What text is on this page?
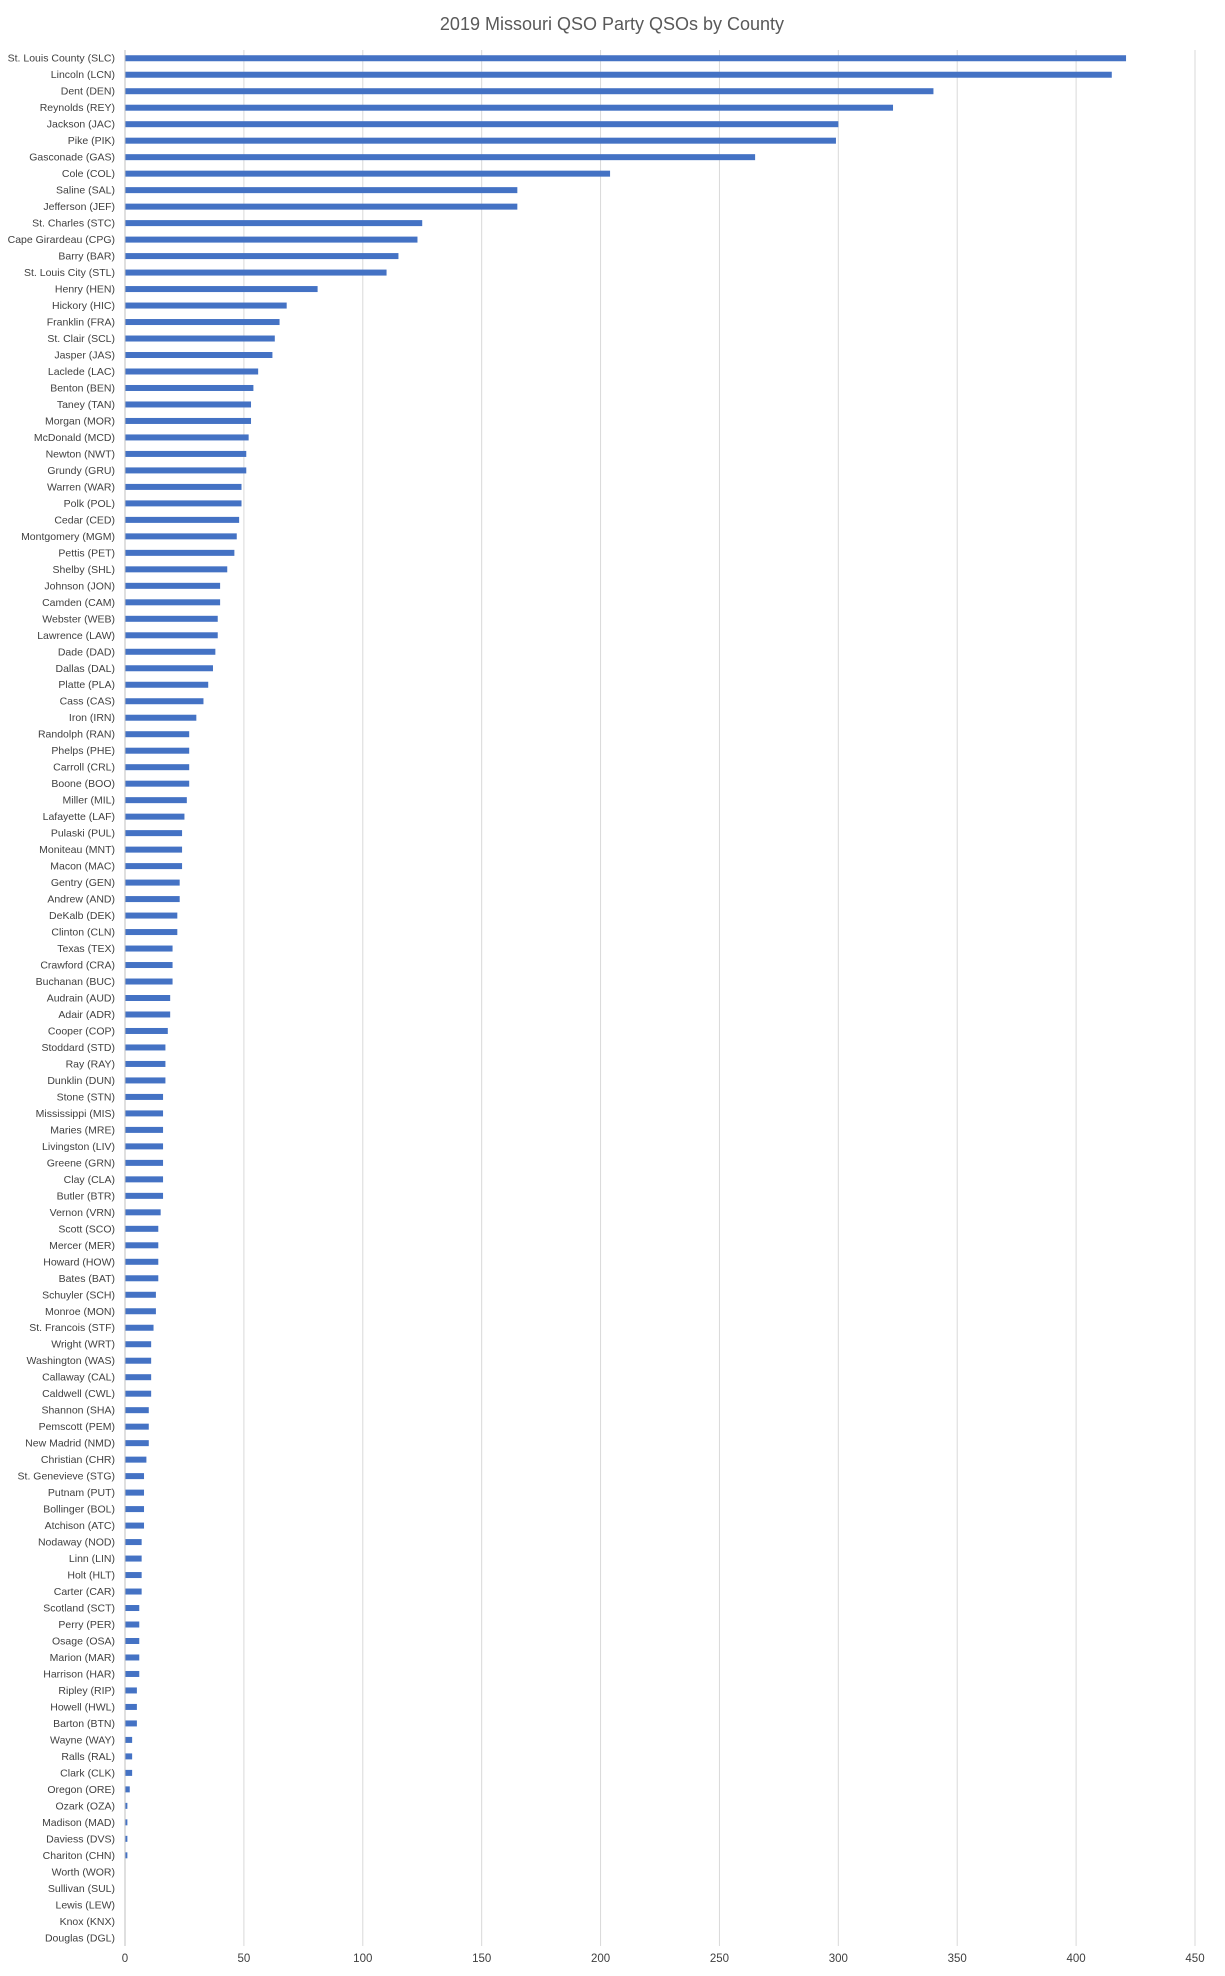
2019 Missouri QSO Party QSOs by County
St. Louis County (SLC)
Lincoln (LCN)
Dent (DEN)
Reynolds (REY)
Jackson (JAC)
Pike (PIK)
Gasconade (GAS)
Cole (COL)
Saline (SAL)
Jefferson (JEF)
St. Charles (STC)
Cape Girardeau (CPG)
Barry (BAR)
St. Louis City (STL)
Henry (HEN)
Hickory (HIC)
Franklin (FRA)
St. Clair (SCL)
Jasper (JAS)
Laclede (LAC)
Benton (BEN)
Taney (TAN)
Morgan (MOR)
McDonald (MCD)
Newton (NWT)
Grundy (GRU)
Warren (WAR)
Polk (POL)
Cedar (CED)
Montgomery (MGM)
Pettis (PET)
Shelby (SHL)
Johnson (JON)
Camden (CAM)
Webster (WEB)
Lawrence (LAW)
Dade (DAD)
Dallas (DAL)
Platte (PLA)
Cass (CAS)
Iron (IRN)
Randolph (RAN)
Phelps (PHE)
Carroll (CRL)
Boone (BOO)
Miller (MIL)
Lafayette (LAF)
Pulaski (PUL)
Moniteau (MNT)
Macon (MAC)
Gentry (GEN)
Andrew (AND)
DeKalb (DEK)
Clinton (CLN)
Texas (TEX)
Crawford (CRA)
Buchanan (BUC)
Audrain (AUD)
Adair (ADR)
Cooper (COP)
Stoddard (STD)
Ray (RAY)
Dunklin (DUN)
Stone (STN)
Mississippi (MIS)
Maries (MRE)
Livingston (LIV)
Greene (GRN)
Clay (CLA)
Butler (BTR)
Vernon (VRN)
Scott (SCO)
Mercer (MER)
Howard (HOW)
Bates (BAT)
Schuyler (SCH)
Monroe (MON)
St. Francois (STF)
Wright (WRT)
Washington (WAS)
Callaway (CAL)
Caldwell (CWL)
Shannon (SHA)
Pemscott (PEM)
New Madrid (NMD)
Christian (CHR)
St. Genevieve (STG)
Putnam (PUT)
Bollinger (BOL)
Atchison (ATC)
Nodaway (NOD)
Linn (LIN)
Holt (HLT)
Carter (CAR)
Scotland (SCT)
Perry (PER)
Osage (OSA)
Marion (MAR)
Harrison (HAR)
Ripley (RIP)
Howell (HWL)
Barton (BTN)
Wayne (WAY)
Ralls (RAL)
Clark (CLK)
Oregon (ORE)
Ozark (OZA)
Madison (MAD)
Daviess (DVS)
Chariton (CHN)
Worth (WOR)
Sullivan (SUL)
Lewis (LEW)
Knox (KNX)
Douglas (DGL)
0	50	100	150	200	250	300	350	400	450
